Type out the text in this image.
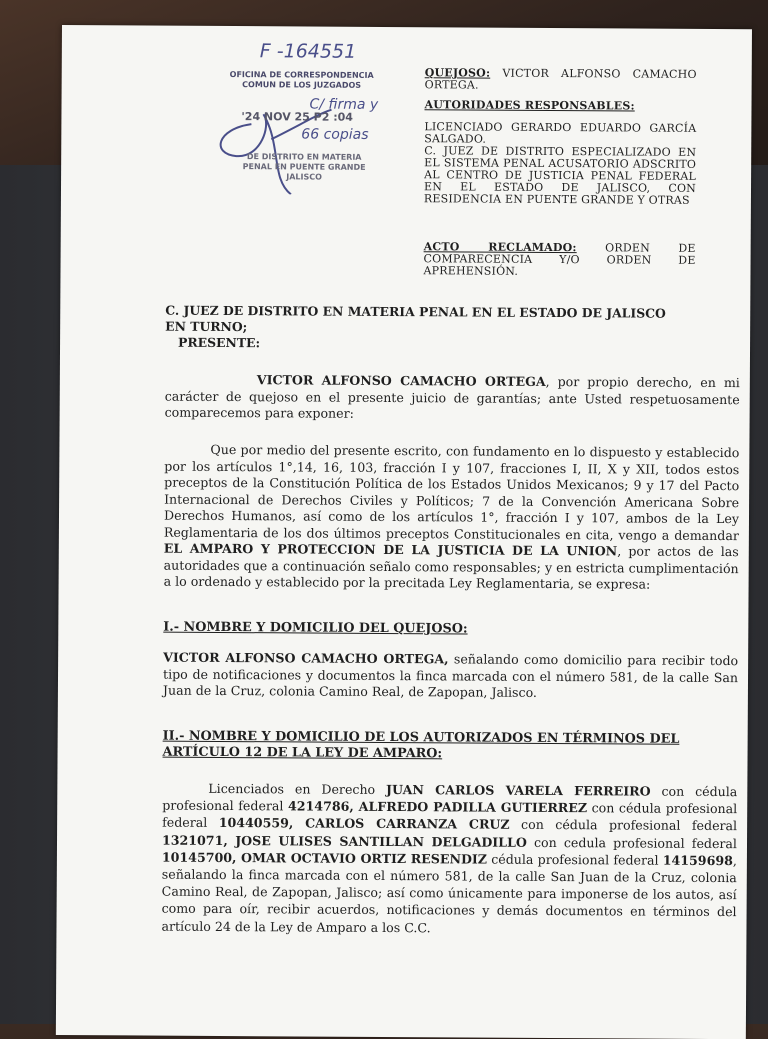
F -164551
OFICINA DE CORRESPONDENCIA
COMUN DE LOS JUZGADOS
'24 NOV 25 P2 :04
C/ firma y
66 copias
DE DISTRITO EN MATERIA
PENAL EN PUENTE GRANDE
JALISCO
QUEJOSO: VICTOR ALFONSO CAMACHO ORTEGA.
AUTORIDADES RESPONSABLES:
LICENCIADO GERARDO EDUARDO GARCÍA SALGADO.
C. JUEZ DE DISTRITO ESPECIALIZADO EN EL SISTEMA PENAL ACUSATORIO ADSCRITO AL CENTRO DE JUSTICIA PENAL FEDERAL EN EL ESTADO DE JALISCO, CON RESIDENCIA EN PUENTE GRANDE Y OTRAS
ACTO RECLAMADO:	ORDEN DE COMPARECENCIA Y/O ORDEN DE APREHENSIÓN.
C. JUEZ DE DISTRITO EN MATERIA PENAL EN EL ESTADO DE JALISCO
EN TURNO;
PRESENTE:
VICTOR ALFONSO CAMACHO ORTEGA, por propio derecho, en mi carácter de quejoso en el presente juicio de garantías; ante Usted respetuosamente comparecemos para exponer:
Que por medio del presente escrito, con fundamento en lo dispuesto y establecido por los artículos 1°,14, 16, 103, fracción I y 107, fracciones I, II, X y XII, todos estos preceptos de la Constitución Política de los Estados Unidos Mexicanos; 9 y 17 del Pacto Internacional de Derechos Civiles y Políticos; 7 de la Convención Americana Sobre Derechos Humanos, así como de los artículos 1°, fracción I y 107, ambos de la Ley Reglamentaria de los dos últimos preceptos Constitucionales en cita, vengo a demandar EL AMPARO Y PROTECCION DE LA JUSTICIA DE LA UNION, por actos de las autoridades que a continuación señalo como responsables; y en estricta cumplimentación a lo ordenado y establecido por la precitada Ley Reglamentaria, se expresa:
I.- NOMBRE Y DOMICILIO DEL QUEJOSO:
VICTOR ALFONSO CAMACHO ORTEGA, señalando como domicilio para recibir todo tipo de notificaciones y documentos la finca marcada con el número 581, de la calle San Juan de la Cruz, colonia Camino Real, de Zapopan, Jalisco.
II.- NOMBRE Y DOMICILIO DE LOS AUTORIZADOS EN TÉRMINOS DEL
ARTÍCULO 12 DE LA LEY DE AMPARO:
Licenciados en Derecho JUAN CARLOS VARELA FERREIRO con cédula profesional federal 4214786, ALFREDO PADILLA GUTIERREZ con cédula profesional federal 10440559, CARLOS CARRANZA CRUZ con cédula profesional federal 1321071, JOSE ULISES SANTILLAN DELGADILLO con cedula profesional federal 10145700, OMAR OCTAVIO ORTIZ RESENDIZ cédula profesional federal 14159698, señalando la finca marcada con el número 581, de la calle San Juan de la Cruz, colonia Camino Real, de Zapopan, Jalisco; así como únicamente para imponerse de los autos, así como para oír, recibir acuerdos, notificaciones y demás documentos en términos del artículo 24 de la Ley de Amparo a los C.C.
